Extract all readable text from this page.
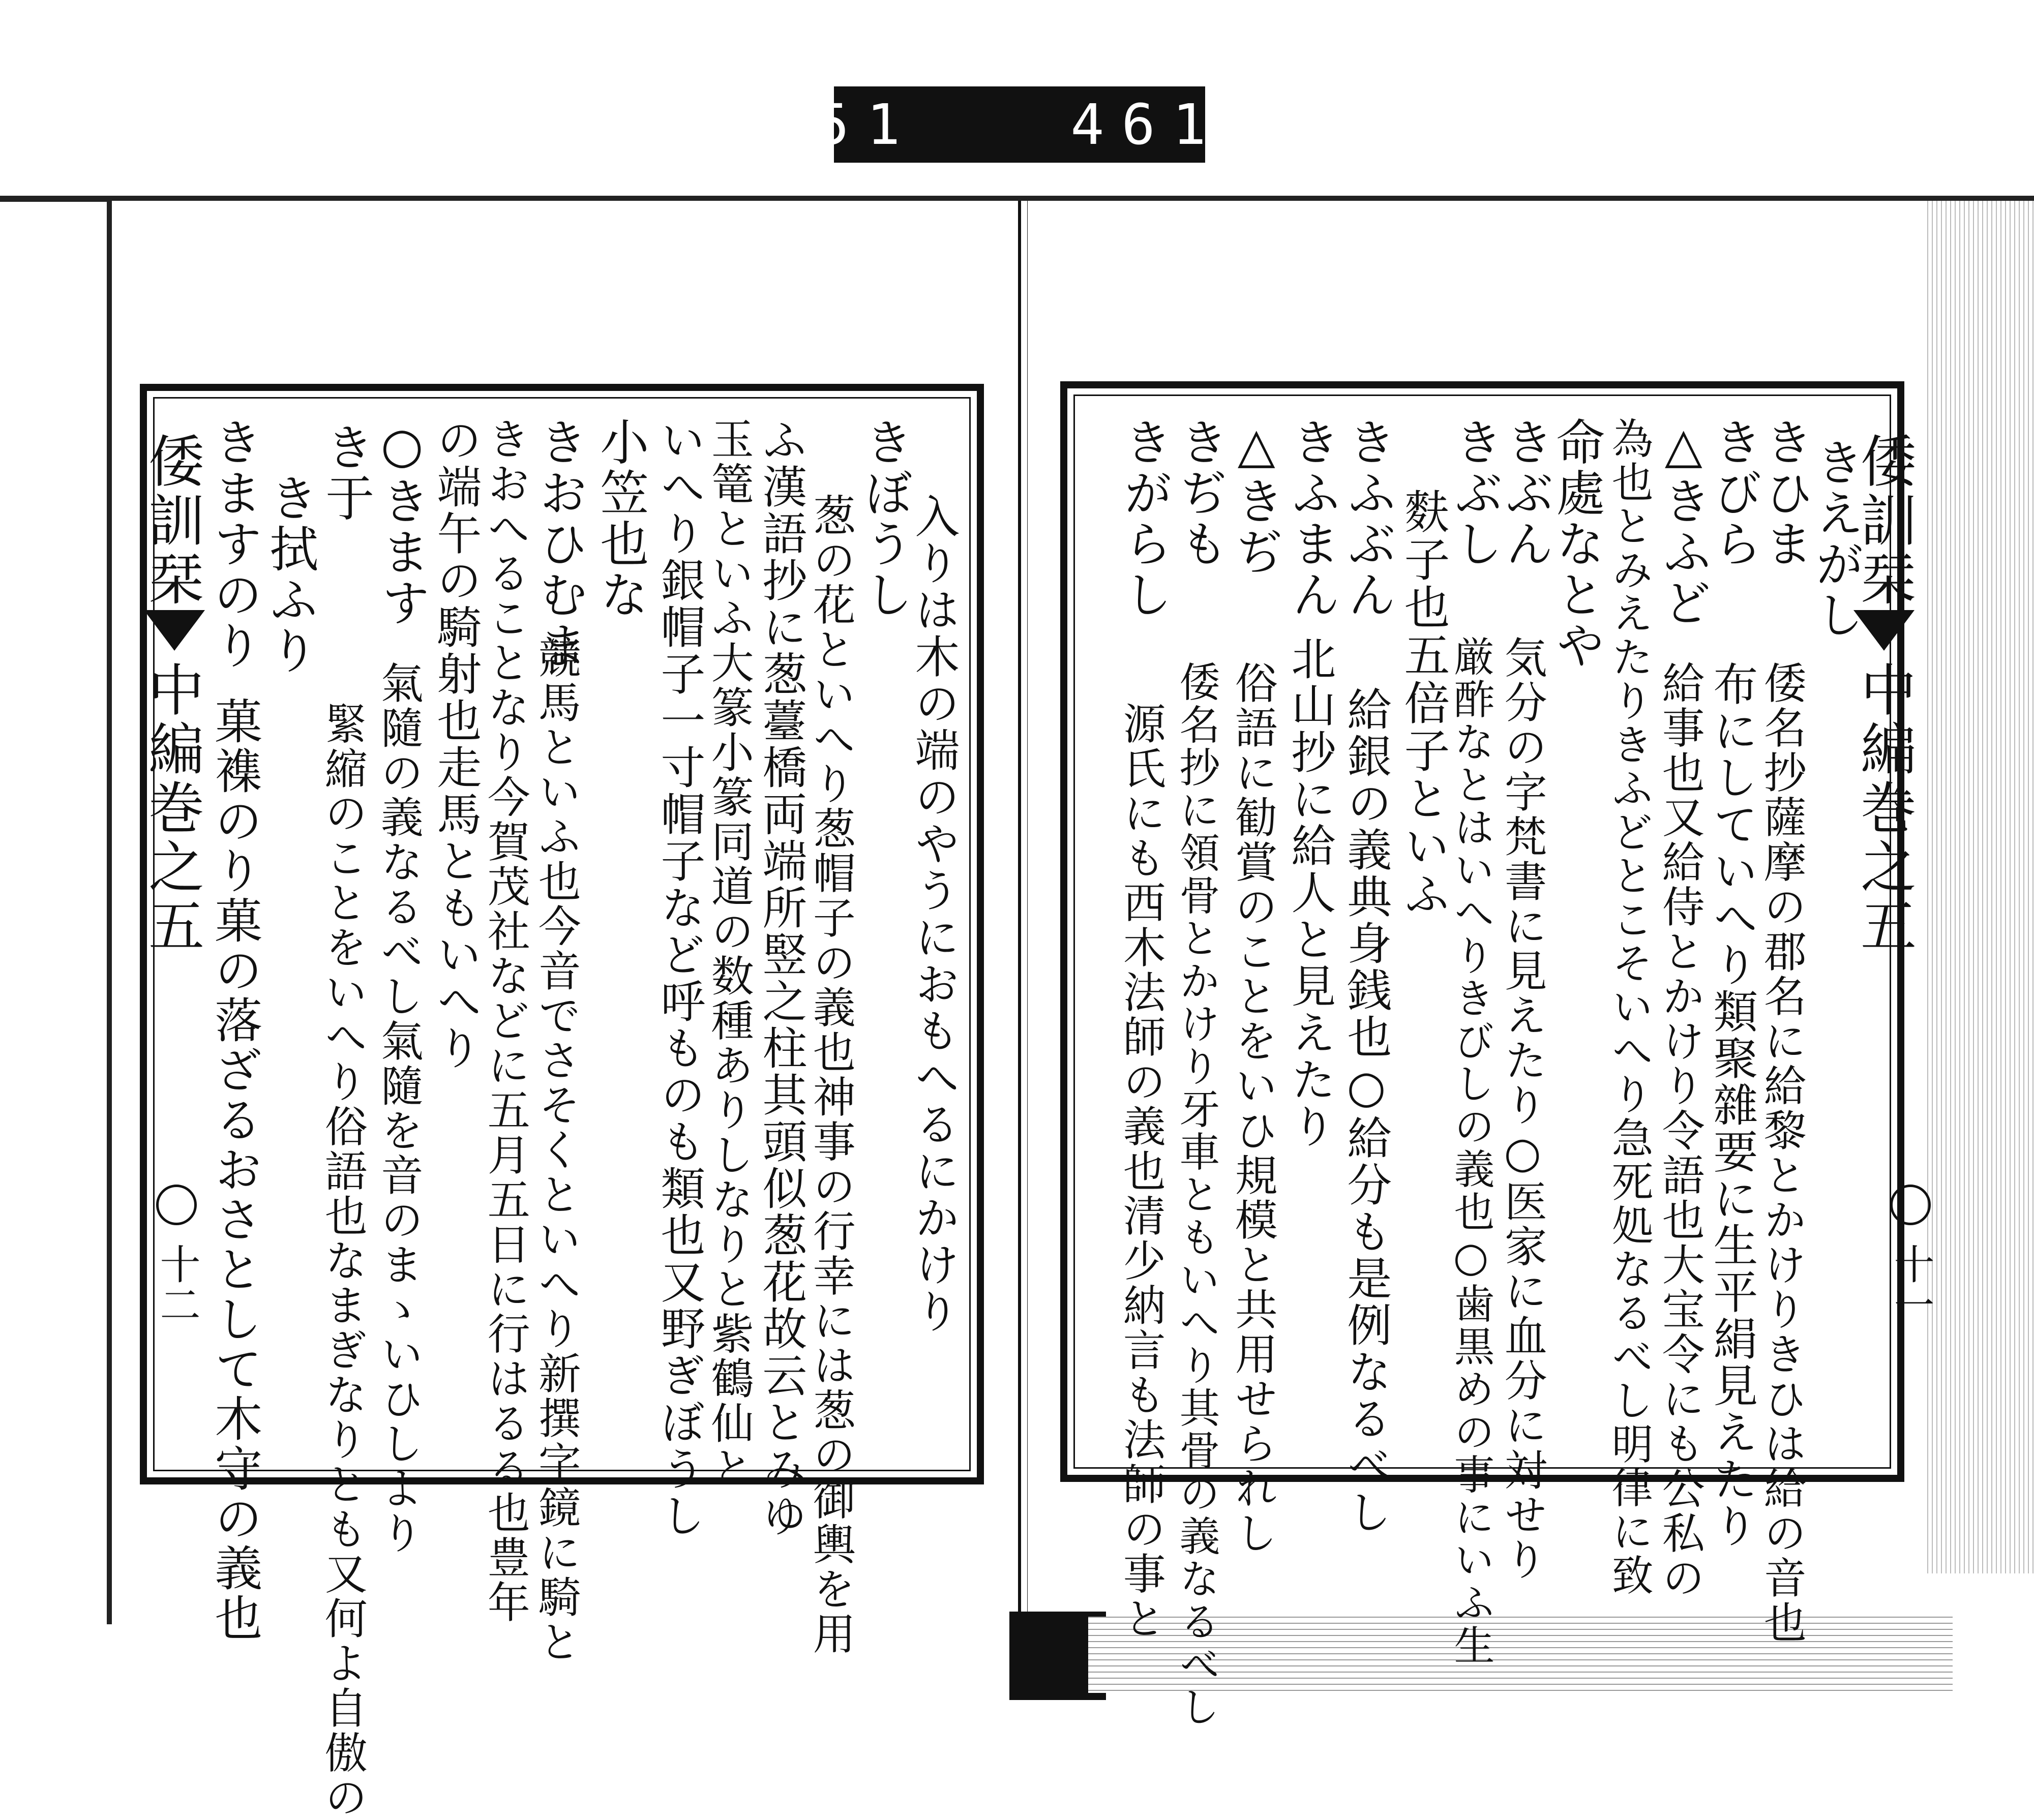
551
	461.
倭訓栞
中編巻之五
十二	入りは木の端のやうにおもへるにかけり
きぼうし
葱の花といへり葱帽子の義也神事の行幸には葱の御輿を用
ふ漢語抄に葱薹橋両端所竪之柱其頭似葱花故云とみゆ
玉篭といふ大篆小篆同道の数種ありしなりと紫鶴仙と
いへり銀帽子一寸帽子など呼ものも類也又野ぎぼうし
小笠也な
きおひむま
競馬といふ也今音でさそくといへり新撰字鏡に騎と
きおへることなり今賀茂社などに五月五日に行はるる也豊年
の端午の騎射也走馬ともいへり
○きます
き于
氣隨の義なるべし氣隨を音のまゝいひしより
緊縮のことをいへり俗語也なまぎなりとも又何よ自傲の
き拭ふり
きますのり
菓襍のり菓の落ざるおさとして木守の義也
倭訓栞
中編巻之五
十一
きえがし
きひま
倭名抄薩摩の郡名に給黎とかけりきひは給の音也
きびら
布にしていへり類聚雜要に生平絹見えたり
△きふど
給事也又給侍とかけり令語也大宝令にも公私の
為也とみえたりきふどとこそいへり急死処なるべし明律に致
命處なとや
きぶん
気分の字梵書に見えたり○医家に血分に対せり
きぶし
厳酢なとはいへりきびしの義也○歯黒めの事にいふ生
麩子也五倍子といふ
きふぶん
給銀の義典身銭也○給分も是例なるべし
きふまん
北山抄に給人と見えたり
△きぢ
俗語に勧賞のことをいひ規模と共用せられし
きぢも
倭名抄に領骨とかけり牙車ともいへり其骨の義なるべし
きがらし
源氏にも西木法師の義也清少納言も法師の事と
